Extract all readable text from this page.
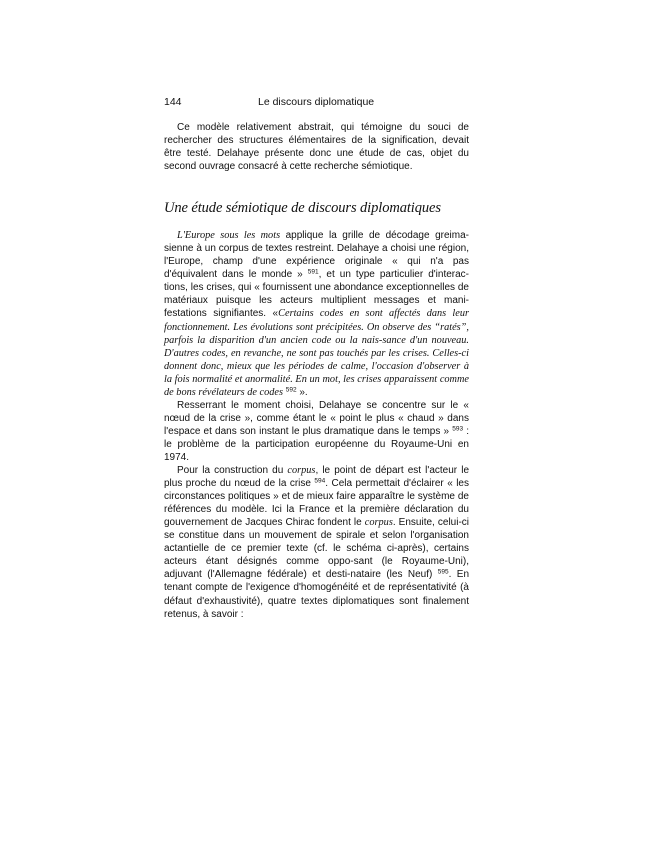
144	Le discours diplomatique

Ce modèle relativement abstrait, qui témoigne du souci de rechercher des structures élémentaires de la signification, devait être testé. Delahaye présente donc une étude de cas, objet du second ouvrage consacré à cette recherche sémiotique.

Une étude sémiotique de discours diplomatiques

L'Europe sous les mots applique la grille de décodage greima-sienne à un corpus de textes restreint. Delahaye a choisi une région, l'Europe, champ d'une expérience originale « qui n'a pas d'équivalent dans le monde » $^{591}$, et un type particulier d'interac-tions, les crises, qui « fournissent une abondance exceptionnelles de matériaux puisque les acteurs multiplient messages et mani-festations signifiantes. «Certains codes en sont affectés dans leur fonctionnement. Les évolutions sont précipitées. On observe des “ratés”, parfois la disparition d'un ancien code ou la nais-sance d'un nouveau. D'autres codes, en revanche, ne sont pas touchés par les crises. Celles-ci donnent donc, mieux que les périodes de calme, l'occasion d'observer à la fois normalité et anormalité. En un mot, les crises apparaissent comme de bons révélateurs de codes $^{592}$ ».

Resserrant le moment choisi, Delahaye se concentre sur le « nœud de la crise », comme étant le « point le plus « chaud » dans l'espace et dans son instant le plus dramatique dans le temps » $^{593}$ : le problème de la participation européenne du Royaume-Uni en 1974.

Pour la construction du corpus, le point de départ est l'acteur le plus proche du nœud de la crise $^{594}$. Cela permettait d'éclairer « les circonstances politiques » et de mieux faire apparaître le système de références du modèle. Ici la France et la première déclaration du gouvernement de Jacques Chirac fondent le corpus. Ensuite, celui-ci se constitue dans un mouvement de spirale et selon l'organisation actantielle de ce premier texte (cf. le schéma ci-après), certains acteurs étant désignés comme oppo-sant (le Royaume-Uni), adjuvant (l'Allemagne fédérale) et desti-nataire (les Neuf) $^{595}$. En tenant compte de l'exigence d'homogénéité et de représentativité (à défaut d'exhaustivité), quatre textes diplomatiques sont finalement retenus, à savoir :
